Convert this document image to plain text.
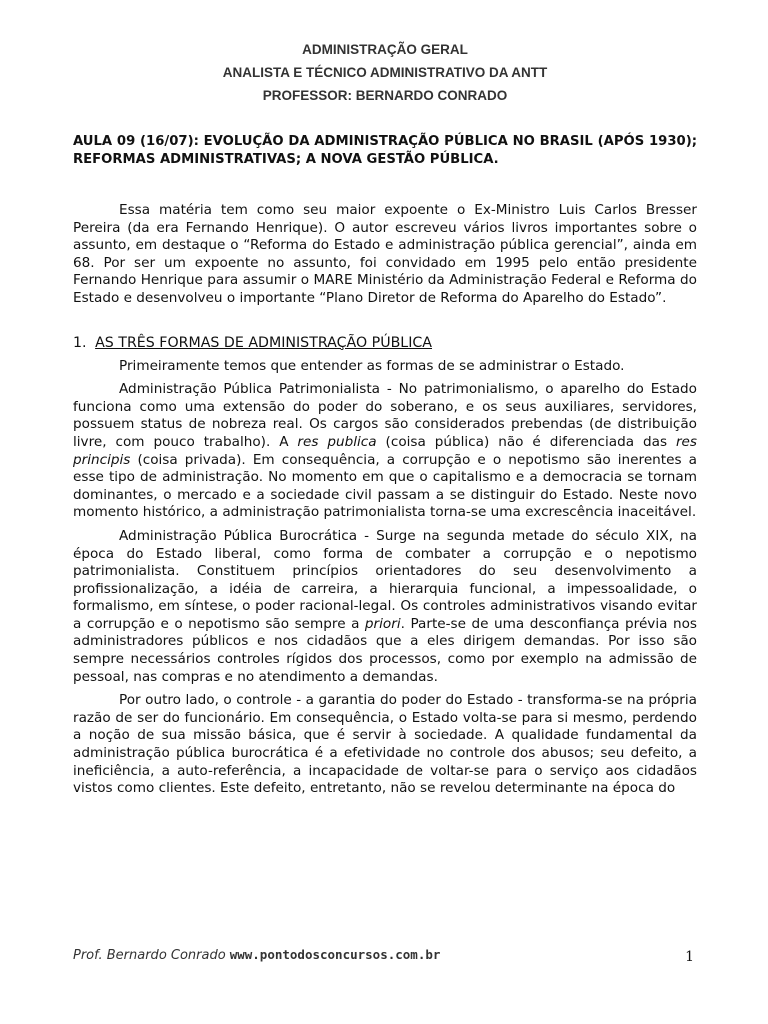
ADMINISTRAÇÃO GERAL
ANALISTA E TÉCNICO ADMINISTRATIVO DA ANTT
PROFESSOR: BERNARDO CONRADO
AULA 09 (16/07): EVOLUÇÃO DA ADMINISTRAÇÃO PÚBLICA NO BRASIL (APÓS 1930); REFORMAS ADMINISTRATIVAS; A NOVA GESTÃO PÚBLICA.

Essa matéria tem como seu maior expoente o Ex-Ministro Luis Carlos Bresser Pereira (da era Fernando Henrique). O autor escreveu vários livros importantes sobre o assunto, em destaque o “Reforma do Estado e administração pública gerencial”, ainda em 68. Por ser um expoente no assunto, foi convidado em 1995 pelo então presidente Fernando Henrique para assumir o MARE Ministério da Administração Federal e Reforma do Estado e desenvolveu o importante “Plano Diretor de Reforma do Aparelho do Estado”.

1. AS TRÊS FORMAS DE ADMINISTRAÇÃO PÚBLICA

Primeiramente temos que entender as formas de se administrar o Estado.

Administração Pública Patrimonialista - No patrimonialismo, o aparelho do Estado funciona como uma extensão do poder do soberano, e os seus auxiliares, servidores, possuem status de nobreza real. Os cargos são considerados prebendas (de distribuição livre, com pouco trabalho). A res publica (coisa pública) não é diferenciada das res principis (coisa privada). Em consequência, a corrupção e o nepotismo são inerentes a esse tipo de administração. No momento em que o capitalismo e a democracia se tornam dominantes, o mercado e a sociedade civil passam a se distinguir do Estado. Neste novo momento histórico, a administração patrimonialista torna-se uma excrescência inaceitável.

Administração Pública Burocrática - Surge na segunda metade do século XIX, na época do Estado liberal, como forma de combater a corrupção e o nepotismo patrimonialista. Constituem princípios orientadores do seu desenvolvimento a profissionalização, a idéia de carreira, a hierarquia funcional, a impessoalidade, o formalismo, em síntese, o poder racional-legal. Os controles administrativos visando evitar a corrupção e o nepotismo são sempre a priori. Parte-se de uma desconfiança prévia nos administradores públicos e nos cidadãos que a eles dirigem demandas. Por isso são sempre necessários controles rígidos dos processos, como por exemplo na admissão de pessoal, nas compras e no atendimento a demandas.

Por outro lado, o controle - a garantia do poder do Estado - transforma-se na própria razão de ser do funcionário. Em consequência, o Estado volta-se para si mesmo, perdendo a noção de sua missão básica, que é servir à sociedade. A qualidade fundamental da administração pública burocrática é a efetividade no controle dos abusos; seu defeito, a ineficiência, a auto-referência, a incapacidade de voltar-se para o serviço aos cidadãos vistos como clientes. Este defeito, entretanto, não se revelou determinante na época do

Prof. Bernardo Conrado www.pontodosconcursos.com.br	1
